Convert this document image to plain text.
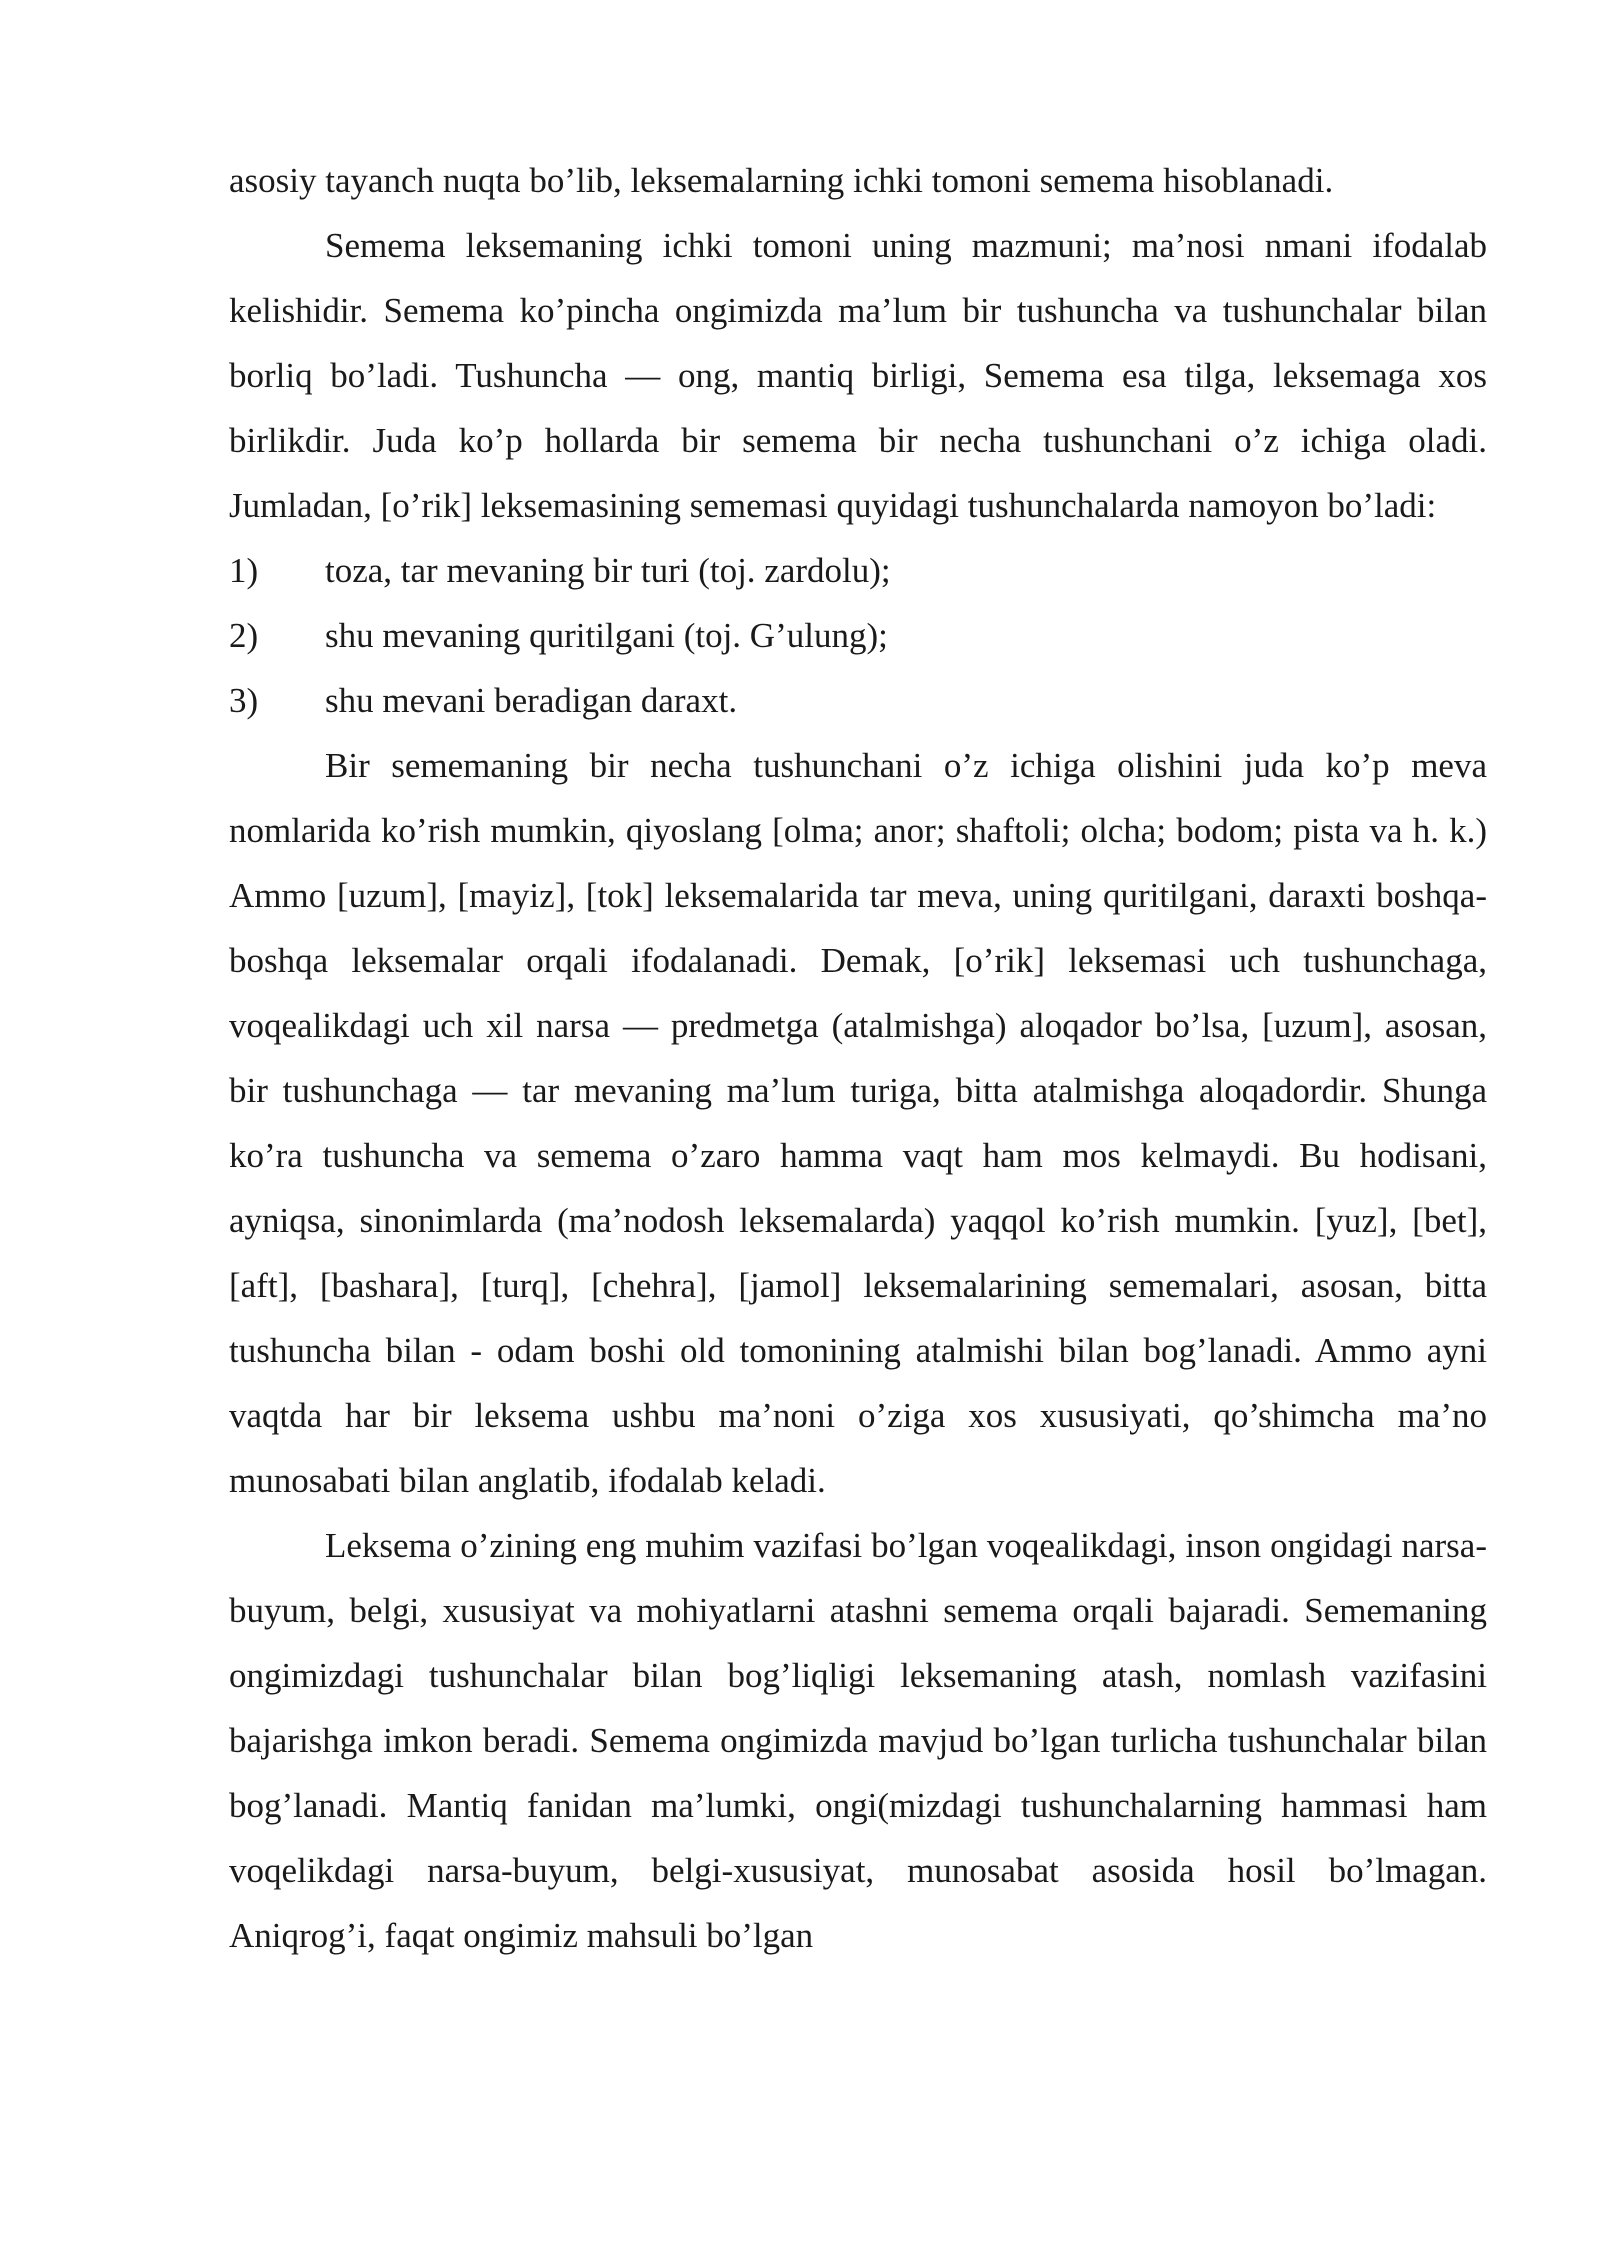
asosiy tayanch nuqta bo’lib, leksemalarning ichki tomoni semema hisoblanadi.

Semema leksemaning ichki tomoni uning mazmuni; ma’nosi nmani ifodalab kelishidir. Semema ko’pincha ongimizda ma’lum bir tushuncha va tushunchalar bilan borliq bo’ladi. Tushuncha — ong, mantiq birligi, Semema esa tilga, leksemaga xos birlikdir. Juda ko’p hollarda bir semema bir necha tushunchani o’z ichiga oladi. Jumladan, [o’rik] leksemasining sememasi quyidagi tushunchalarda namoyon bo’ladi:

1)	toza, tar mevaning bir turi (toj. zardolu);
2)	shu mevaning quritilgani (toj. G’ulung);
3)	shu mevani beradigan daraxt.

Bir sememaning bir necha tushunchani o’z ichiga olishini juda ko’p meva nomlarida ko’rish mumkin, qiyoslang [olma; anor; shaftoli; olcha; bodom; pista va h. k.) Ammo [uzum], [mayiz], [tok] leksemalarida tar meva, uning quritilgani, daraxti boshqa-boshqa leksemalar orqali ifodalanadi. Demak, [o’rik] leksemasi uch tushunchaga, voqealikdagi uch xil narsa — predmetga (atalmishga) aloqador bo’lsa, [uzum], asosan, bir tushunchaga — tar mevaning ma’lum turiga, bitta atalmishga aloqadordir. Shunga ko’ra tushuncha va semema o’zaro hamma vaqt ham mos kelmaydi. Bu hodisani, ayniqsa, sinonimlarda (ma’nodosh leksemalarda) yaqqol ko’rish mumkin. [yuz], [bet], [aft], [bashara], [turq], [chehra], [jamol] leksemalarining sememalari, asosan, bitta tushuncha bilan - odam boshi old tomonining atalmishi bilan bog’lanadi. Ammo ayni vaqtda har bir leksema ushbu ma’noni o’ziga xos xususiyati, qo’shimcha ma’no munosabati bilan anglatib, ifodalab keladi.

Leksema o’zining eng muhim vazifasi bo’lgan voqealikdagi, inson ongidagi narsa-buyum, belgi, xususiyat va mohiyatlarni atashni semema orqali bajaradi. Sememaning ongimizdagi tushunchalar bilan bog’liqligi leksemaning atash, nomlash vazifasini bajarishga imkon beradi. Semema ongimizda mavjud bo’lgan turlicha tushunchalar bilan bog’lanadi. Mantiq fanidan ma’lumki, ongi(mizdagi tushunchalarning hammasi ham voqelikdagi narsa-buyum, belgi-xususiyat, munosabat asosida hosil bo’lmagan. Aniqrog’i, faqat ongimiz mahsuli bo’lgan
